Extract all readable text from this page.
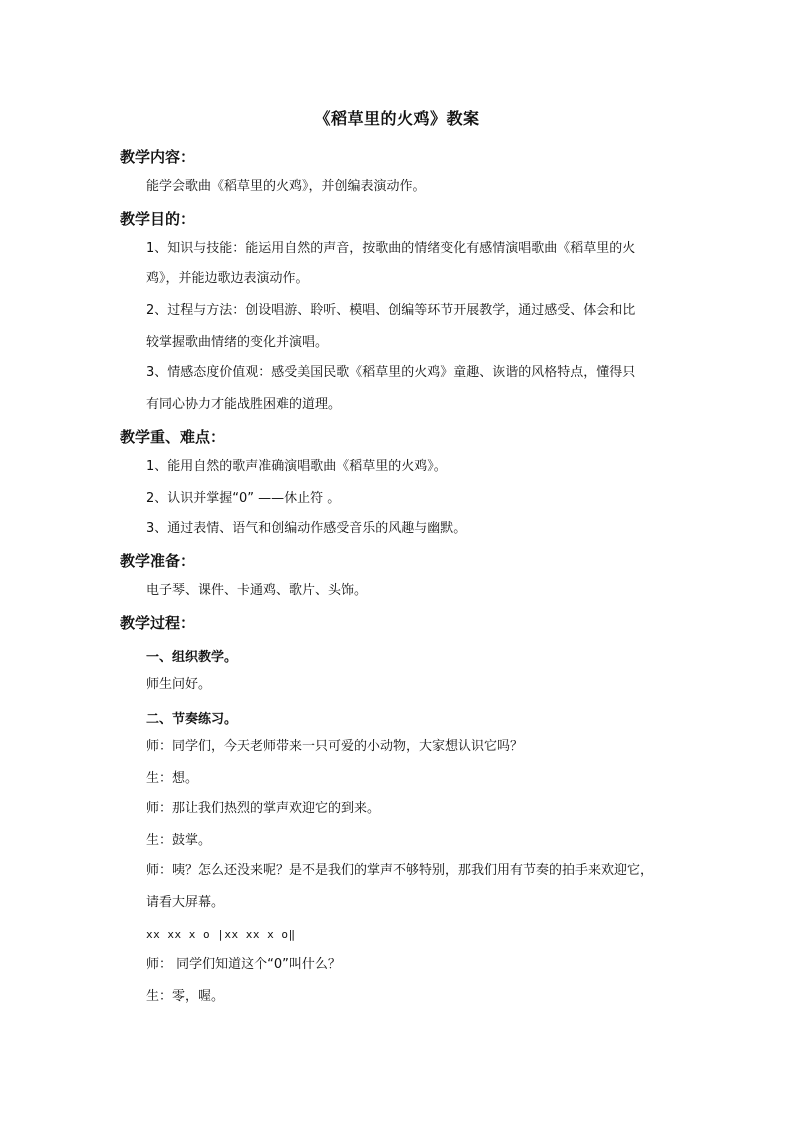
《稻草里的火鸡》教案
教学内容：
能学会歌曲《稻草里的火鸡》，并创编表演动作。
教学目的：
1、知识与技能：能运用自然的声音，按歌曲的情绪变化有感情演唱歌曲《稻草里的火
鸡》，并能边歌边表演动作。
2、过程与方法：创设唱游、聆听、模唱、创编等环节开展教学，通过感受、体会和比
较掌握歌曲情绪的变化并演唱。
3、情感态度价值观：感受美国民歌《稻草里的火鸡》童趣、诙谐的风格特点，懂得只
有同心协力才能战胜困难的道理。
教学重、难点：
1、能用自然的歌声准确演唱歌曲《稻草里的火鸡》。
2、认识并掌握“0” ——休止符 。
3、通过表情、语气和创编动作感受音乐的风趣与幽默。
教学准备：
电子琴、课件、卡通鸡、歌片、头饰。
教学过程：
一、组织教学。
师生问好。
二、节奏练习。
师：同学们，今天老师带来一只可爱的小动物，大家想认识它吗？
生：想。
师：那让我们热烈的掌声欢迎它的到来。
生：鼓掌。
师：咦？怎么还没来呢？是不是我们的掌声不够特别，那我们用有节奏的拍手来欢迎它，
请看大屏幕。
xx xx x o |xx xx x o‖
师： 同学们知道这个“0”叫什么？
生：零，喔。
